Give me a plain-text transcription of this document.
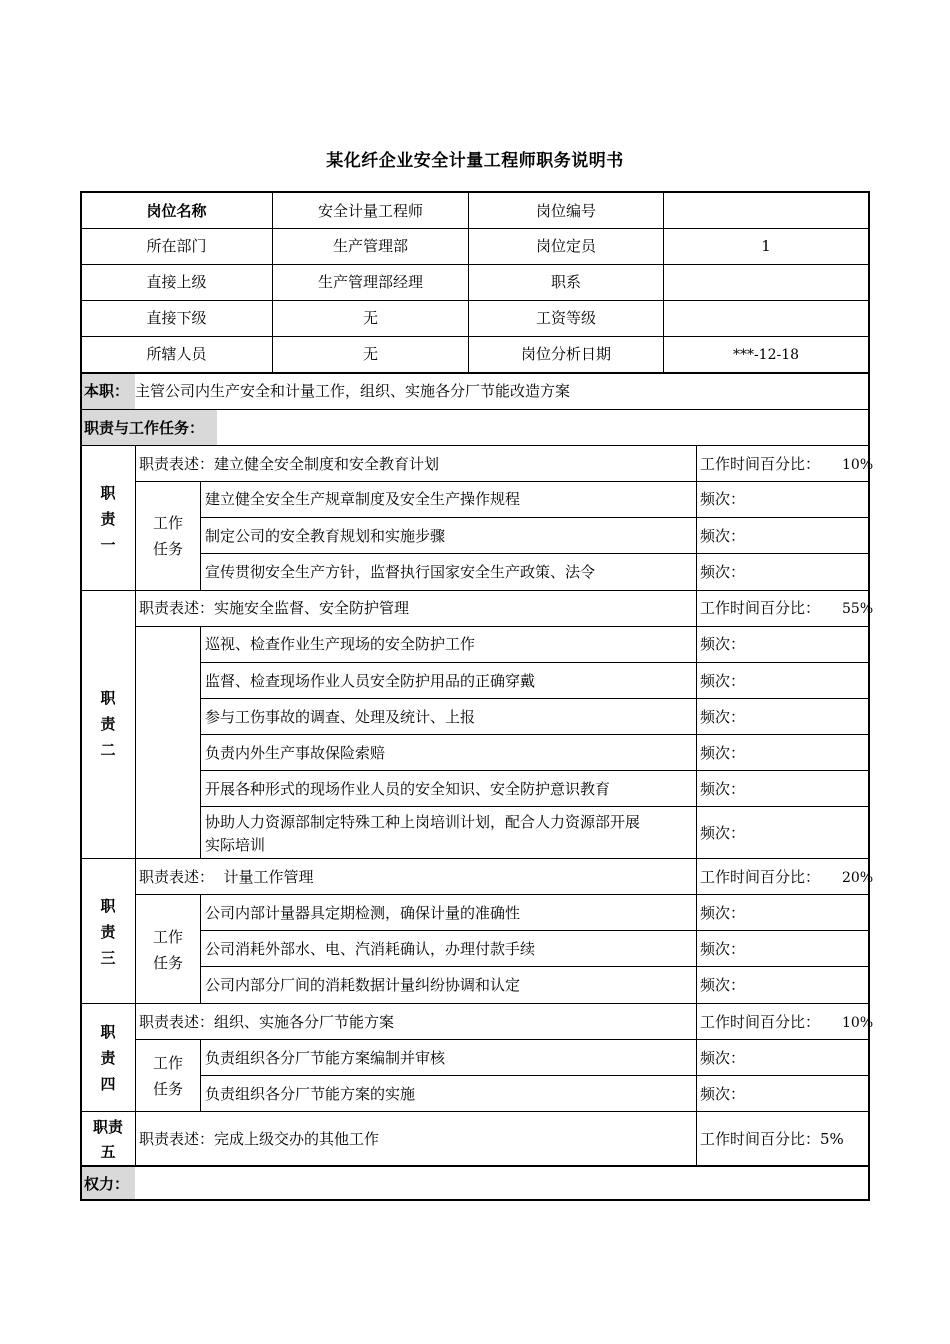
某化纤企业安全计量工程师职务说明书
岗位名称	安全计量工程师	岗位编号
所在部门	生产管理部	岗位定员	1
直接上级	生产管理部经理	职系
直接下级	无	工资等级
所辖人员	无	岗位分析日期	***-12-18
本职： 主管公司内生产安全和计量工作，组织、实施各分厂节能改造方案
职责与工作任务：
职责一
职责表述：建立健全安全制度和安全教育计划	工作时间百分比： 10%
工作任务
建立健全安全生产规章制度及安全生产操作规程	频次：
制定公司的安全教育规划和实施步骤	频次：
宣传贯彻安全生产方针，监督执行国家安全生产政策、法令	频次：
职责二
职责表述：实施安全监督、安全防护管理	工作时间百分比： 55%
巡视、检查作业生产现场的安全防护工作	频次：
监督、检查现场作业人员安全防护用品的正确穿戴	频次：
参与工伤事故的调查、处理及统计、上报	频次：
负责内外生产事故保险索赔	频次：
开展各种形式的现场作业人员的安全知识、安全防护意识教育	频次：
协助人力资源部制定特殊工种上岗培训计划，配合人力资源部开展
实际培训
频次：
职责三
职责表述：  计量工作管理	工作时间百分比： 20%
工作任务
公司内部计量器具定期检测，确保计量的准确性	频次：
公司消耗外部水、电、汽消耗确认，办理付款手续	频次：
公司内部分厂间的消耗数据计量纠纷协调和认定	频次：
职责四
职责表述：组织、实施各分厂节能方案	工作时间百分比： 10%
工作任务
负责组织各分厂节能方案编制并审核	频次：
负责组织各分厂节能方案的实施	频次：
职责
五
职责表述：完成上级交办的其他工作	工作时间百分比：5%
权力：
